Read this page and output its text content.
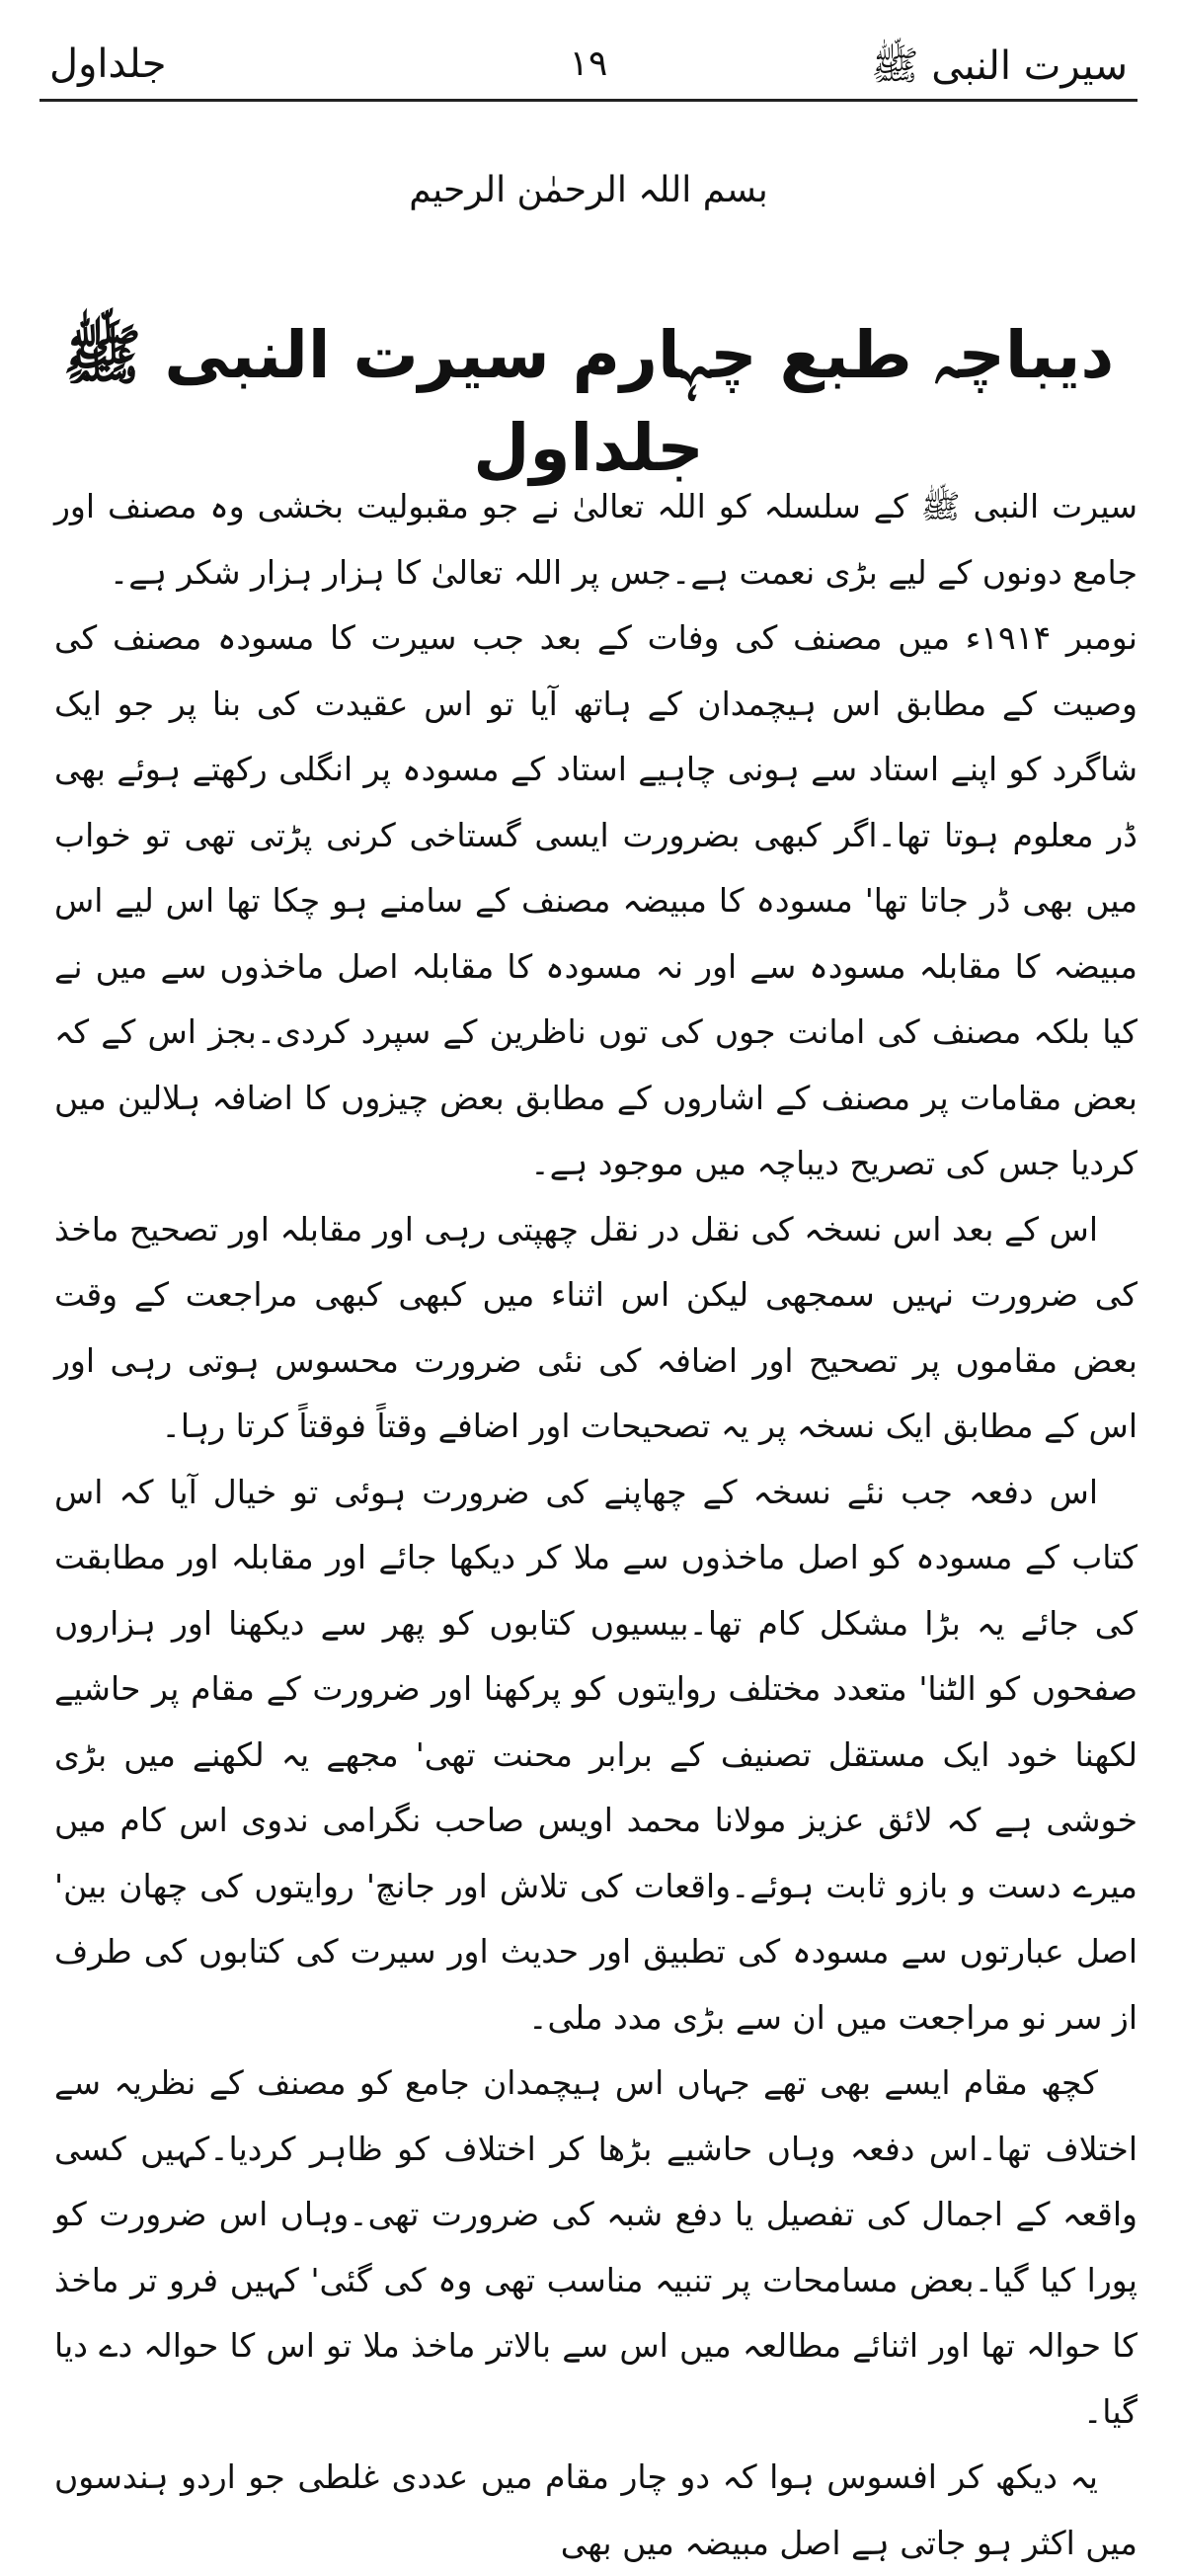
سیرت النبی ﷺ
١٩
جلداول
بسم اللہ الرحمٰن الرحیم
دیباچہ طبع چہارم سیرت النبی ﷺ جلداول

سیرت النبی ﷺ کے سلسلہ کو اللہ تعالیٰ نے جو مقبولیت بخشی وہ مصنف اور جامع دونوں کے لیے بڑی نعمت ہے۔جس پر اللہ تعالیٰ کا ہزار ہزار شکر ہے۔

نومبر ۱۹۱۴ء میں مصنف کی وفات کے بعد جب سیرت کا مسودہ مصنف کی وصیت کے مطابق اس ہیچمدان کے ہاتھ آیا تو اس عقیدت کی بنا پر جو ایک شاگرد کو اپنے استاد سے ہونی چاہیے استاد کے مسودہ پر انگلی رکھتے ہوئے بھی ڈر معلوم ہوتا تھا۔اگر کبھی بضرورت ایسی گستاخی کرنی پڑتی تھی تو خواب میں بھی ڈر جاتا تھا' مسودہ کا مبیضہ مصنف کے سامنے ہو چکا تھا اس لیے اس مبیضہ کا مقابلہ مسودہ سے اور نہ مسودہ کا مقابلہ اصل ماخذوں سے میں نے کیا بلکہ مصنف کی امانت جوں کی توں ناظرین کے سپرد کردی۔بجز اس کے کہ بعض مقامات پر مصنف کے اشاروں کے مطابق بعض چیزوں کا اضافہ ہلالین میں کردیا جس کی تصریح دیباچہ میں موجود ہے۔

اس کے بعد اس نسخہ کی نقل در نقل چھپتی رہی اور مقابلہ اور تصحیح ماخذ کی ضرورت نہیں سمجھی لیکن اس اثناء میں کبھی کبھی مراجعت کے وقت بعض مقاموں پر تصحیح اور اضافہ کی نئی ضرورت محسوس ہوتی رہی اور اس کے مطابق ایک نسخہ پر یہ تصحیحات اور اضافے وقتاً فوقتاً کرتا رہا۔

اس دفعہ جب نئے نسخہ کے چھاپنے کی ضرورت ہوئی تو خیال آیا کہ اس کتاب کے مسودہ کو اصل ماخذوں سے ملا کر دیکھا جائے اور مقابلہ اور مطابقت کی جائے یہ بڑا مشکل کام تھا۔بیسیوں کتابوں کو پھر سے دیکھنا اور ہزاروں صفحوں کو الٹنا' متعدد مختلف روایتوں کو پرکھنا اور ضرورت کے مقام پر حاشیے لکھنا خود ایک مستقل تصنیف کے برابر محنت تھی' مجھے یہ لکھنے میں بڑی خوشی ہے کہ لائق عزیز مولانا محمد اویس صاحب نگرامی ندوی اس کام میں میرے دست و بازو ثابت ہوئے۔واقعات کی تلاش اور جانچ' روایتوں کی چھان بین' اصل عبارتوں سے مسودہ کی تطبیق اور حدیث اور سیرت کی کتابوں کی طرف از سر نو مراجعت میں ان سے بڑی مدد ملی۔

کچھ مقام ایسے بھی تھے جہاں اس ہیچمدان جامع کو مصنف کے نظریہ سے اختلاف تھا۔اس دفعہ وہاں حاشیے بڑھا کر اختلاف کو ظاہر کردیا۔کہیں کسی واقعہ کے اجمال کی تفصیل یا دفع شبہ کی ضرورت تھی۔وہاں اس ضرورت کو پورا کیا گیا۔بعض مسامحات پر تنبیہ مناسب تھی وہ کی گئی' کہیں فرو تر ماخذ کا حوالہ تھا اور اثنائے مطالعہ میں اس سے بالاتر ماخذ ملا تو اس کا حوالہ دے دیا گیا۔

یہ دیکھ کر افسوس ہوا کہ دو چار مقام میں عددی غلطی جو اردو ہندسوں میں اکثر ہو جاتی ہے اصل مبیضہ میں بھی
